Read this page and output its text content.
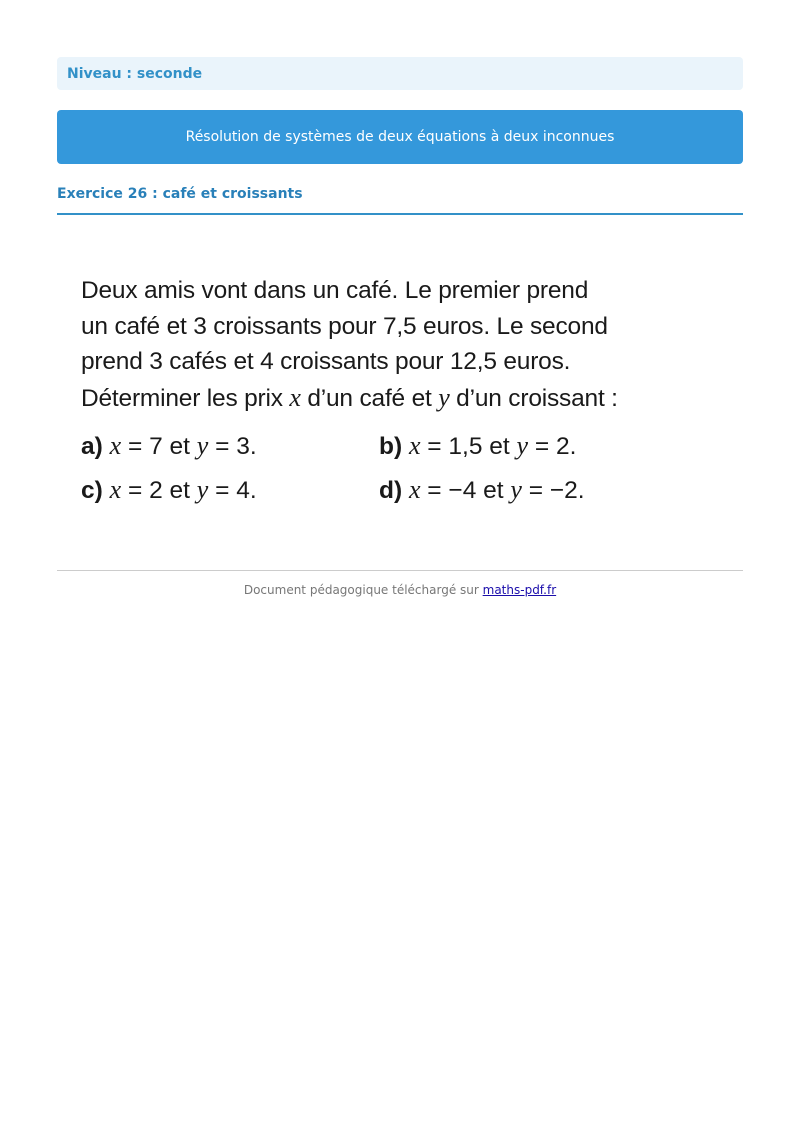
Niveau : seconde
Résolution de systèmes de deux équations à deux inconnues
Exercice 26 : café et croissants

Deux amis vont dans un café. Le premier prend

un café et 3 croissants pour 7,5 euros. Le second

prend 3 cafés et 4 croissants pour 12,5 euros.

Déterminer les prix x d’un café et y d’un croissant :

a) x = 7 et y = 3.	b) x = 1,5 et y = 2.
c) x = 2 et y = 4.	d) x = −4 et y = −2.
Document pédagogique téléchargé sur maths-pdf.fr
